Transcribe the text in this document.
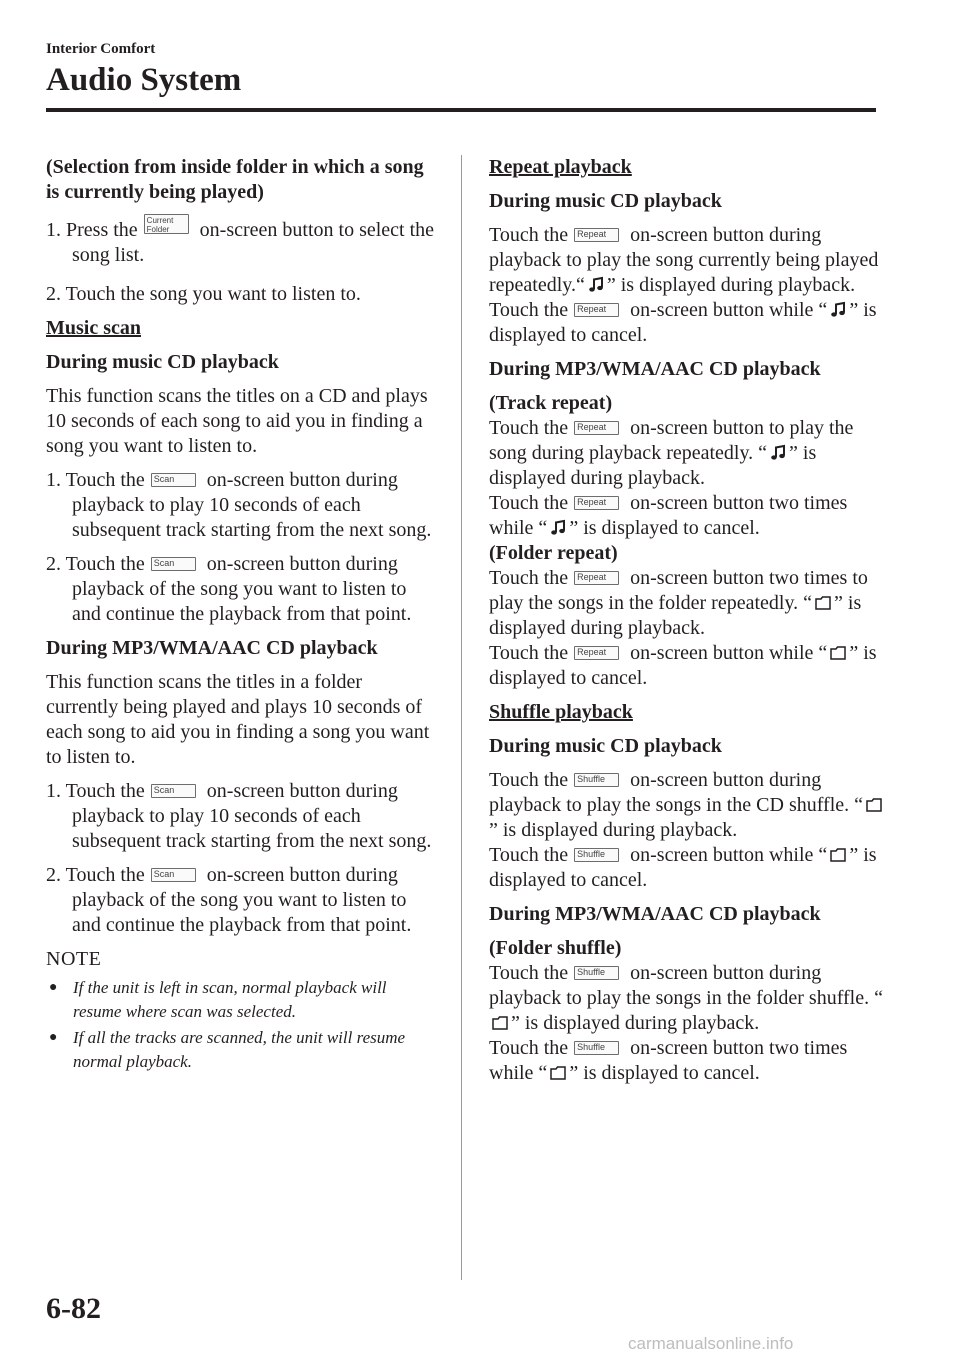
Interior Comfort
Audio System
(Selection from inside folder in which a song is currently being played)
1. Press the Current
Folder	on-screen button to select the song list.
2. Touch the song you want to listen to.
Music scan
During music CD playback
This function scans the titles on a CD and plays 10 seconds of each song to aid you in finding a song you want to listen to.
1. Touch the Scan on-screen button during playback to play 10 seconds of each subsequent track starting from the next song.
2. Touch the Scan on-screen button during playback of the song you want to listen to and continue the playback from that point.
During MP3/WMA/AAC CD playback
This function scans the titles in a folder currently being played and plays 10 seconds of each song to aid you in finding a song you want to listen to.
1. Touch the Scan on-screen button during playback to play 10 seconds of each subsequent track starting from the next song.
2. Touch the Scan on-screen button during playback of the song you want to listen to and continue the playback from that point.
NOTE
● If the unit is left in scan, normal playback will resume where scan was selected.
● If all the tracks are scanned, the unit will resume normal playback.
Repeat playback
During music CD playback
Touch the Repeat on-screen button during playback to play the song currently being played repeatedly.“ ” is displayed during playback.
Touch the Repeat on-screen button while “ ” is displayed to cancel.
During MP3/WMA/AAC CD playback
(Track repeat)
Touch the Repeat on-screen button to play the song during playback repeatedly. “ ” is displayed during playback.
Touch the Repeat on-screen button two times while “ ” is displayed to cancel.
(Folder repeat)
Touch the Repeat on-screen button two times to play the songs in the folder repeatedly. “ ” is displayed during playback.
Touch the Repeat on-screen button while “ ” is displayed to cancel.
Shuffle playback
During music CD playback
Touch the Shuffle on-screen button during playback to play the songs in the CD shuffle. “” is displayed during playback.
Touch the Shuffle on-screen button while “ ” is displayed to cancel.
During MP3/WMA/AAC CD playback
(Folder shuffle)
Touch the Shuffle on-screen button during playback to play the songs in the folder shuffle. “” is displayed during playback.
Touch the Shuffle on-screen button two times while “ ” is displayed to cancel.
6-82
carmanualsonline.info
